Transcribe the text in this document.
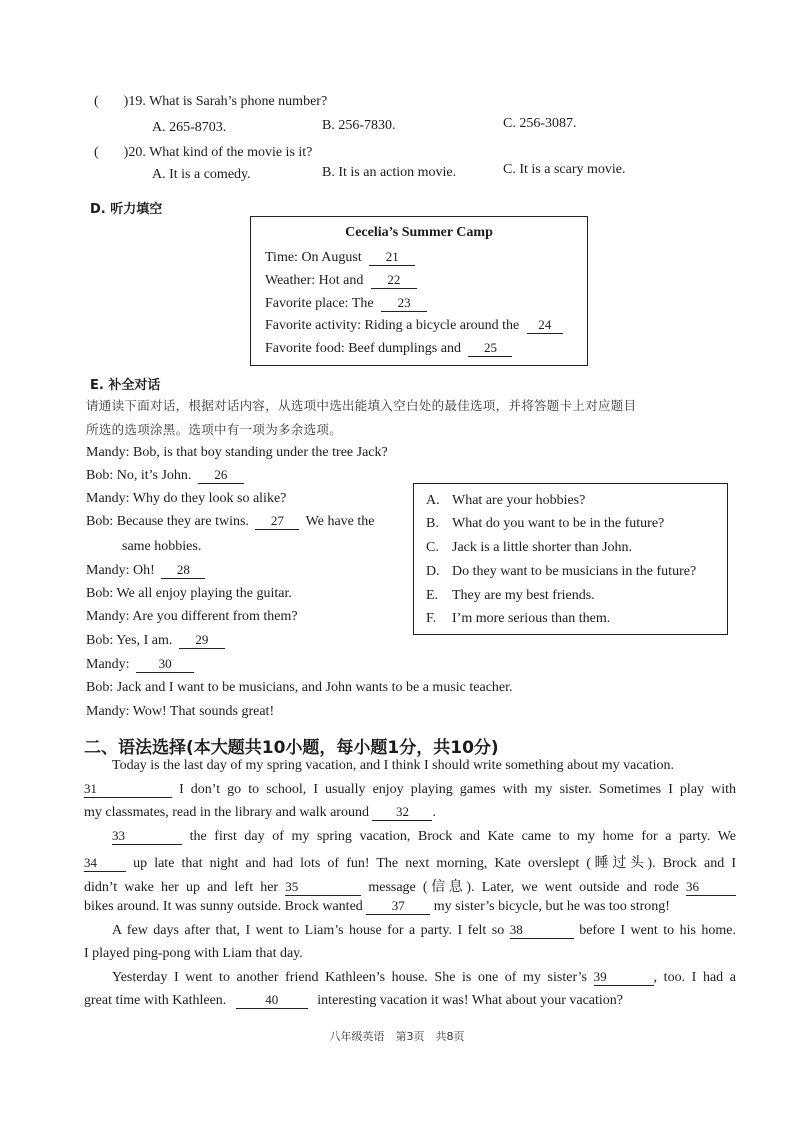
( )19. What is Sarah’s phone number?
A. 265-8703.	B. 256-7830.	C. 256-3087.
( )20. What kind of the movie is it?
A. It is a comedy.	B. It is an action movie.	C. It is a scary movie.
D. 听力填空
Cecelia’s Summer Camp
Time: On August 21
Weather: Hot and 22
Favorite place: The 23
Favorite activity: Riding a bicycle around the 24
Favorite food: Beef dumplings and 25
E. 补全对话
请通读下面对话，根据对话内容，从选项中选出能填入空白处的最佳选项，并将答题卡上对应题目
所选的选项涂黑。选项中有一项为多余选项。
Mandy: Bob, is that boy standing under the tree Jack?
Bob: No, it’s John. 26
Mandy: Why do they look so alike?
Bob: Because they are twins. 27 We have the
same hobbies.
Mandy: Oh! 28
Bob: We all enjoy playing the guitar.
Mandy: Are you different from them?
Bob: Yes, I am. 29
Mandy: 30
Bob: Jack and I want to be musicians, and John wants to be a music teacher.
Mandy: Wow! That sounds great!
A. What are your hobbies?
B. What do you want to be in the future?
C. Jack is a little shorter than John.
D. Do they want to be musicians in the future?
E. They are my best friends.
F. I’m more serious than them.
二、语法选择(本大题共10小题，每小题1分，共10分)
Today is the last day of my spring vacation, and I think I should write something about my vacation.
31	I don’t go to school, I usually enjoy playing games with my sister. Sometimes I play with
my classmates, read in the library and walk around 32 .
33	the first day of my spring vacation, Brock and Kate came to my home for a party. We
34	up late that night and had lots of fun! The next morning, Kate overslept (睡过头). Brock and I
didn’t wake her up and left her 35	message (信息). Later, we went outside and rode 36
bikes around. It was sunny outside. Brock wanted 37 my sister’s bicycle, but he was too strong!
A few days after that, I went to Liam’s house for a party. I felt so 38	before I went to his home.
I played ping-pong with Liam that day.
Yesterday I went to another friend Kathleen’s house. She is one of my sister’s 39	, too. I had a
great time with Kathleen.	40	interesting vacation it was! What about your vacation?
八年级英语　第3页　共8页
